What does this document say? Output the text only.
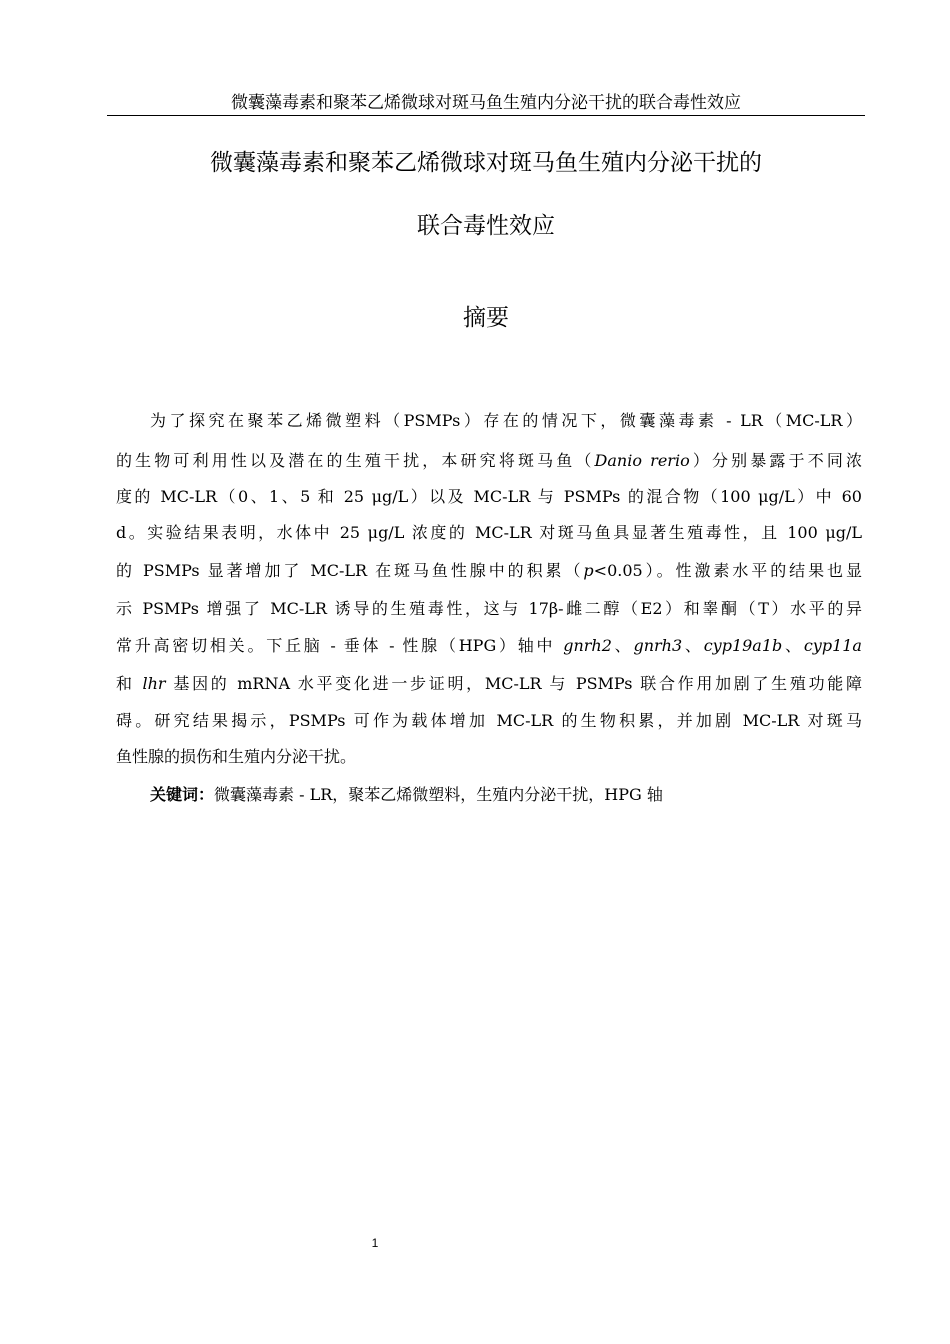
微囊藻毒素和聚苯乙烯微球对斑马鱼生殖内分泌干扰的联合毒性效应
微囊藻毒素和聚苯乙烯微球对斑马鱼生殖内分泌干扰的
联合毒性效应
摘要
为了探究在聚苯乙烯微塑料（PSMPs）存在的情况下，微囊藻毒素 - LR（MC-LR）
的生物可利用性以及潜在的生殖干扰，本研究将斑马鱼（Danio rerio）分别暴露于不同浓
度的 MC-LR（0、1、5 和 25 μg/L）以及 MC-LR 与 PSMPs 的混合物（100 μg/L）中 60
d。实验结果表明，水体中 25 μg/L 浓度的 MC-LR 对斑马鱼具显著生殖毒性，且 100 μg/L
的 PSMPs 显著增加了 MC-LR 在斑马鱼性腺中的积累（p<0.05）。性激素水平的结果也显
示 PSMPs 增强了 MC-LR 诱导的生殖毒性，这与 17β-雌二醇（E2）和睾酮（T）水平的异
常升高密切相关。下丘脑 - 垂体 - 性腺（HPG）轴中 gnrh2、gnrh3、cyp19a1b、cyp11a
和 lhr 基因的 mRNA 水平变化进一步证明，MC-LR 与 PSMPs 联合作用加剧了生殖功能障
碍。研究结果揭示，PSMPs 可作为载体增加 MC-LR 的生物积累，并加剧 MC-LR 对斑马
鱼性腺的损伤和生殖内分泌干扰。
关键词：微囊藻毒素 - LR，聚苯乙烯微塑料，生殖内分泌干扰，HPG 轴
1
